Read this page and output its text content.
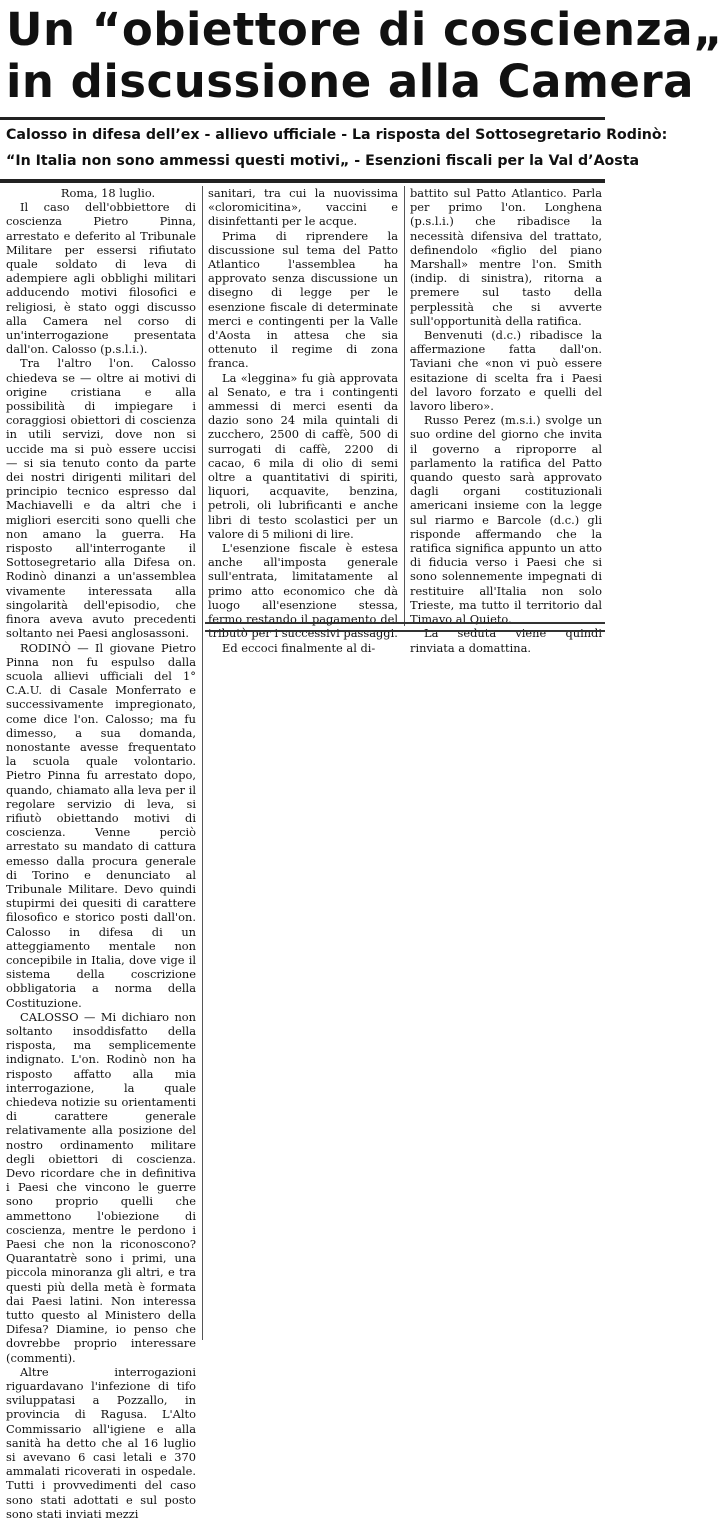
Un “obiettore di coscienza„
in discussione alla Camera
Calosso in difesa dell’ex - allievo ufficiale - La risposta del Sottosegretario Rodinò:
“In Italia non sono ammessi questi motivi„ - Esenzioni fiscali per la Val d’Aosta

Roma, 18 luglio.

Il caso dell'obbiettore di coscienza Pietro Pinna, arrestato e deferito al Tribunale Militare per essersi rifiutato quale soldato di leva di adempiere agli obblighi militari adducendo motivi filosofici e religiosi, è stato oggi discusso alla Camera nel corso di un'interrogazione presentata dall'on. Calosso (p.s.l.i.).

Tra l'altro l'on. Calosso chiedeva se — oltre ai motivi di origine cristiana e alla possibilità di impiegare i coraggiosi obiettori di coscienza in utili servizi, dove non si uccide ma si può essere uccisi — si sia tenuto conto da parte dei nostri dirigenti militari del principio tecnico espresso dal Machiavelli e da altri che i migliori eserciti sono quelli che non amano la guerra. Ha risposto all'interrogante il Sottosegretario alla Difesa on. Rodinò dinanzi a un'assemblea vivamente interessata alla singolarità dell'episodio, che finora aveva avuto precedenti soltanto nei Paesi anglosassoni.

RODINÒ — Il giovane Pietro Pinna non fu espulso dalla scuola allievi ufficiali del 1° C.A.U. di Casale Monferrato e successivamente impregionato, come dice l'on. Calosso; ma fu dimesso, a sua domanda, nonostante avesse frequentato la scuola quale volontario. Pietro Pinna fu arrestato dopo, quando, chiamato alla leva per il regolare servizio di leva, si rifiutò obiettando motivi di coscienza. Venne perciò arrestato su mandato di cattura emesso dalla procura generale di Torino e denunciato al Tribunale Militare. Devo quindi stupirmi dei quesiti di carattere filosofico e storico posti dall'on. Calosso in difesa di un atteggiamento mentale non concepibile in Italia, dove vige il sistema della coscrizione obbligatoria a norma della Costituzione.

CALOSSO — Mi dichiaro non soltanto insoddisfatto della risposta, ma semplicemente indignato. L'on. Rodinò non ha risposto affatto alla mia interrogazione, la quale chiedeva notizie su orientamenti di carattere generale relativamente alla posizione del nostro ordinamento militare degli obiettori di coscienza. Devo ricordare che in definitiva i Paesi che vincono le guerre sono proprio quelli che ammettono l'obiezione di coscienza, mentre le perdono i Paesi che non la riconoscono? Quarantatrè sono i primi, una piccola minoranza gli altri, e tra questi più della metà è formata dai Paesi latini. Non interessa tutto questo al Ministero della Difesa? Diamine, io penso che dovrebbe proprio interessare (commenti).

Altre interrogazioni riguardavano l'infezione di tifo sviluppatasi a Pozzallo, in provincia di Ragusa. L'Alto Commissario all'igiene e alla sanità ha detto che al 16 luglio si avevano 6 casi letali e 370 ammalati ricoverati in ospedale. Tutti i provvedimenti del caso sono stati adottati e sul posto sono stati inviati mezzi

sanitari, tra cui la nuovissima «cloromicitina», vaccini e disinfettanti per le acque.

Prima di riprendere la discussione sul tema del Patto Atlantico l'assemblea ha approvato senza discussione un disegno di legge per le esenzione fiscale di determinate merci e contingenti per la Valle d'Aosta in attesa che sia ottenuto il regime di zona franca.

La «leggina» fu già approvata al Senato, e tra i contingenti ammessi di merci esenti da dazio sono 24 mila quintali di zucchero, 2500 di caffè, 500 di surrogati di caffè, 2200 di cacao, 6 mila di olio di semi oltre a quantitativi di spiriti, liquori, acquavite, benzina, petroli, oli lubrificanti e anche libri di testo scolastici per un valore di 5 milioni di lire.

L'esenzione fiscale è estesa anche all'imposta generale sull'entrata, limitatamente al primo atto economico che dà luogo all'esenzione stessa, fermo restando il pagamento del tributò per i successivi passaggi.

Ed eccoci finalmente al di-

battito sul Patto Atlantico. Parla per primo l'on. Longhena (p.s.l.i.) che ribadisce la necessità difensiva del trattato, definendolo «figlio del piano Marshall» mentre l'on. Smith (indip. di sinistra), ritorna a premere sul tasto della perplessità che si avverte sull'opportunità della ratifica.

Benvenuti (d.c.) ribadisce la affermazione fatta dall'on. Taviani che «non vi può essere esitazione di scelta fra i Paesi del lavoro forzato e quelli del lavoro libero».

Russo Perez (m.s.i.) svolge un suo ordine del giorno che invita il governo a riproporre al parlamento la ratifica del Patto quando questo sarà approvato dagli organi costituzionali americani insieme con la legge sul riarmo e Barcole (d.c.) gli risponde affermando che la ratifica significa appunto un atto di fiducia verso i Paesi che si sono solennemente impegnati di restituire all'Italia non solo Trieste, ma tutto il territorio dal Timavo al Quieto.

La seduta viene quindi rinviata a domattina.
